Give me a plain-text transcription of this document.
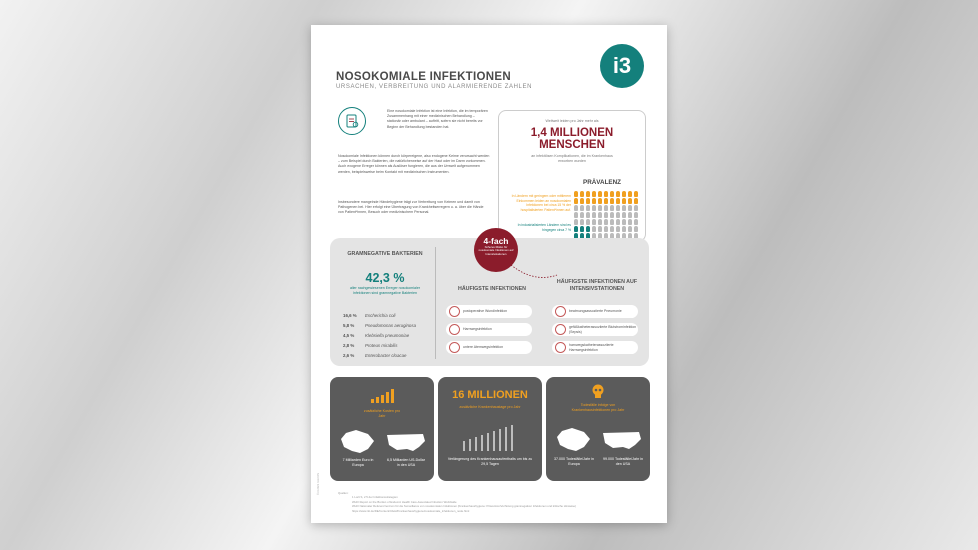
NOSOKOMIALE INFEKTIONEN
URSACHEN, VERBREITUNG UND ALARMIERENDE ZAHLEN
i3
Eine nosokomiale Infektion ist eine Infektion, die im temporären Zusammenhang mit einer medizinischen Behandlung – stationär oder ambulant – auftritt, sofern sie nicht bereits vor Beginn der Behandlung bestanden hat.
Nosokomiale Infektionen können durch körpereigene, also endogene Keime verursacht werden – zum Beispiel durch Bakterien, die natürlicherweise auf der Haut oder im Darm vorkommen. Auch exogene Erreger können als Auslöser fungieren, die aus der Umwelt aufgenommen werden, beispielsweise beim Kontakt mit medizinischen Instrumenten.
Insbesondere mangelnde Händehygiene trägt zur Verbreitung von Keimen und damit von Pathogenen bei. Hier erfolgt eine Übertragung von Krankheitserregern u. a. über die Hände von Patient*innen, Besuch oder medizinischem Personal.
Weltweit leiden pro Jahr mehr als
1,4 MILLIONEN MENSCHEN
an infektiösen Komplikationen, die im Krankenhaus erworben wurden
PRÄVALENZ
In Ländern mit geringem oder mittlerem Einkommen leiden an nosokomialen Infektionen bei circa 15 % der hospitalisierten Patient*innen auf.
In industrialisierten Ländern sind es hingegen circa 7 %
GRAMNEGATIVE BAKTERIEN
42,3 %
aller nachgewiesenen Erreger nosokomialer Infektionen sind gramnegative Bakterien
16,6 % Escherichia coli
5,8 % Pseudomonas aeruginosa
4,5 % Klebsiella pneumoniae
2,8 % Proteus mirabilis
2,6 % Enterobacter cloacae
4-fach
höheres Risiko für nosokomiale Infektionen auf Intensivstationen
HÄUFIGSTE INFEKTIONEN
HÄUFIGSTE INFEKTIONEN AUF INTENSIVSTATIONEN
postoperative Wundinfektion
Harnwegsinfektion
untere Atemwegsinfektion
beatmungsassoziierte Pneumonie
gefäßkatheterassoziierte Blutstrominfektion (Sepsis)
harnwegskatheterassoziierte Harnwegsinfektion
zusätzliche Kosten pro Jahr
7 Milliarden Euro in Europa
6,5 Milliarden US-Dollar in den USA
16 MILLIONEN
zusätzliche Krankenhaustage pro Jahr
Verlängerung des Krankenhausaufenthalts um bis zu 29,5 Tagen
Todesfälle infolge von Krankenhausinfektionen pro Jahr
37.000 Todesfälle/Jahr in Europa
99.000 Todesfälle/Jahr in den USA
Quellen:
1 Lorit S, 2 5 der Infektionsstrategien
WHO Report on the Burden of Endemic Health Care-Associated Infection Worldwide
WHO Nationaler Referenzzentrum für die Surveillance von nosokomialen Infektionen (Krankenhaushygiene: Prävention/Verhütung gramnegativer Infektionen und kritische Hinweise)
https://www.rki.de/DE/Content/Infekt/Krankenhaushygiene/nosokomiale_infektionen_node.html
© i3 2021 / ALCON
